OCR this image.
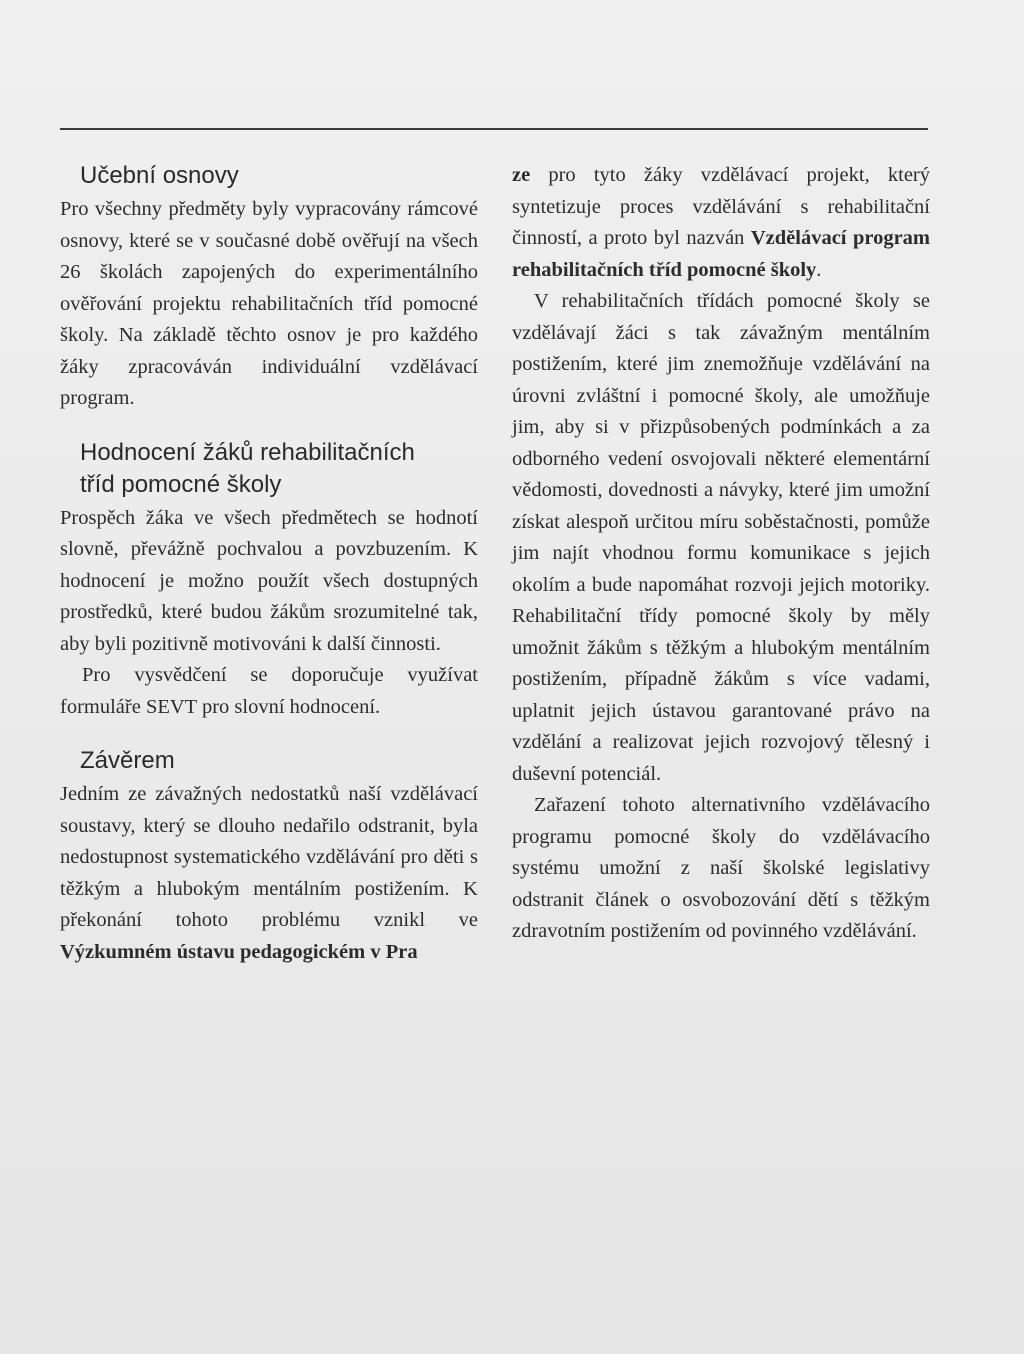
Učební osnovy

Pro všechny předměty byly vypracovány rámcové osnovy, které se v současné době ověřují na všech 26 školách zapojených do experimentálního ověřování projektu rehabilitačních tříd pomocné školy. Na základě těchto osnov je pro každého žáky zpracováván individuální vzdělávací program.

Hodnocení žáků rehabilitačních
tříd pomocné školy

Prospěch žáka ve všech předmětech se hodnotí slovně, převážně pochvalou a povzbuzením. K hodnocení je možno použít všech dostupných prostředků, které budou žákům srozumitelné tak, aby byli pozitivně motivováni k další činnosti.

Pro vysvědčení se doporučuje využívat formuláře SEVT pro slovní hodnocení.

Závěrem

Jedním ze závažných nedostatků naší vzdělávací soustavy, který se dlouho nedařilo odstranit, byla nedostupnost systematického vzdělávání pro děti s těžkým a hlubokým mentálním postižením. K překonání tohoto problému vznikl ve Výzkumném ústavu pedagogickém v Pra

ze pro tyto žáky vzdělávací projekt, který syntetizuje proces vzdělávání s rehabilitační činností, a proto byl nazván Vzdělávací program rehabilitačních tříd pomocné školy.

V rehabilitačních třídách pomocné školy se vzdělávají žáci s tak závažným mentálním postižením, které jim znemožňuje vzdělávání na úrovni zvláštní i pomocné školy, ale umožňuje jim, aby si v přizpůsobených podmínkách a za odborného vedení osvojovali některé elementární vědomosti, dovednosti a návyky, které jim umožní získat alespoň určitou míru soběstačnosti, pomůže jim najít vhodnou formu komunikace s jejich okolím a bude napomáhat rozvoji jejich motoriky. Rehabilitační třídy pomocné školy by měly umožnit žákům s těžkým a hlubokým mentálním postižením, případně žákům s více vadami, uplatnit jejich ústavou garantované právo na vzdělání a realizovat jejich rozvojový tělesný i duševní potenciál.

Zařazení tohoto alternativního vzdělávacího programu pomocné školy do vzdělávacího systému umožní z naší školské legislativy odstranit článek o osvobozování dětí s těžkým zdravotním postižením od povinného vzdělávání.
